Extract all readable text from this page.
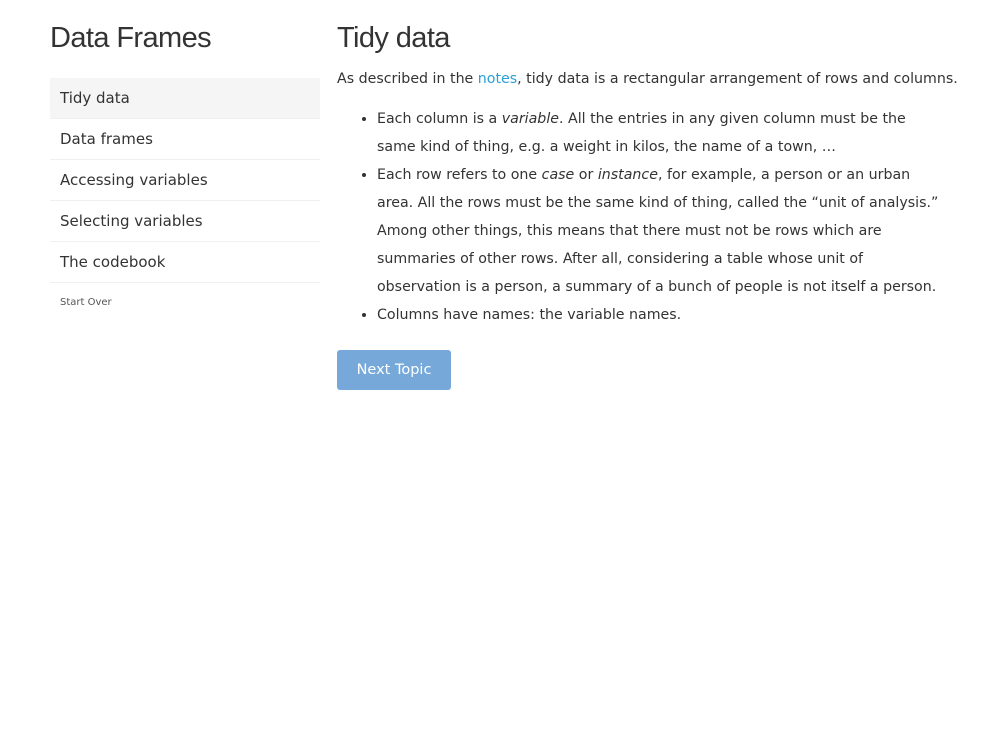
Data Frames
Tidy data
Data frames
Accessing variables
Selecting variables
The codebook
Start Over
Tidy data

As described in the notes, tidy data is a rectangular arrangement of rows and columns.

• Each column is a variable. All the entries in any given column must be the same kind of thing, e.g. a weight in kilos, the name of a town, …
• Each row refers to one case or instance, for example, a person or an urban area. All the rows must be the same kind of thing, called the “unit of analysis.” Among other things, this means that there must not be rows which are summaries of other rows. After all, considering a table whose unit of observation is a person, a summary of a bunch of people is not itself a person.
• Columns have names: the variable names.
Next Topic
